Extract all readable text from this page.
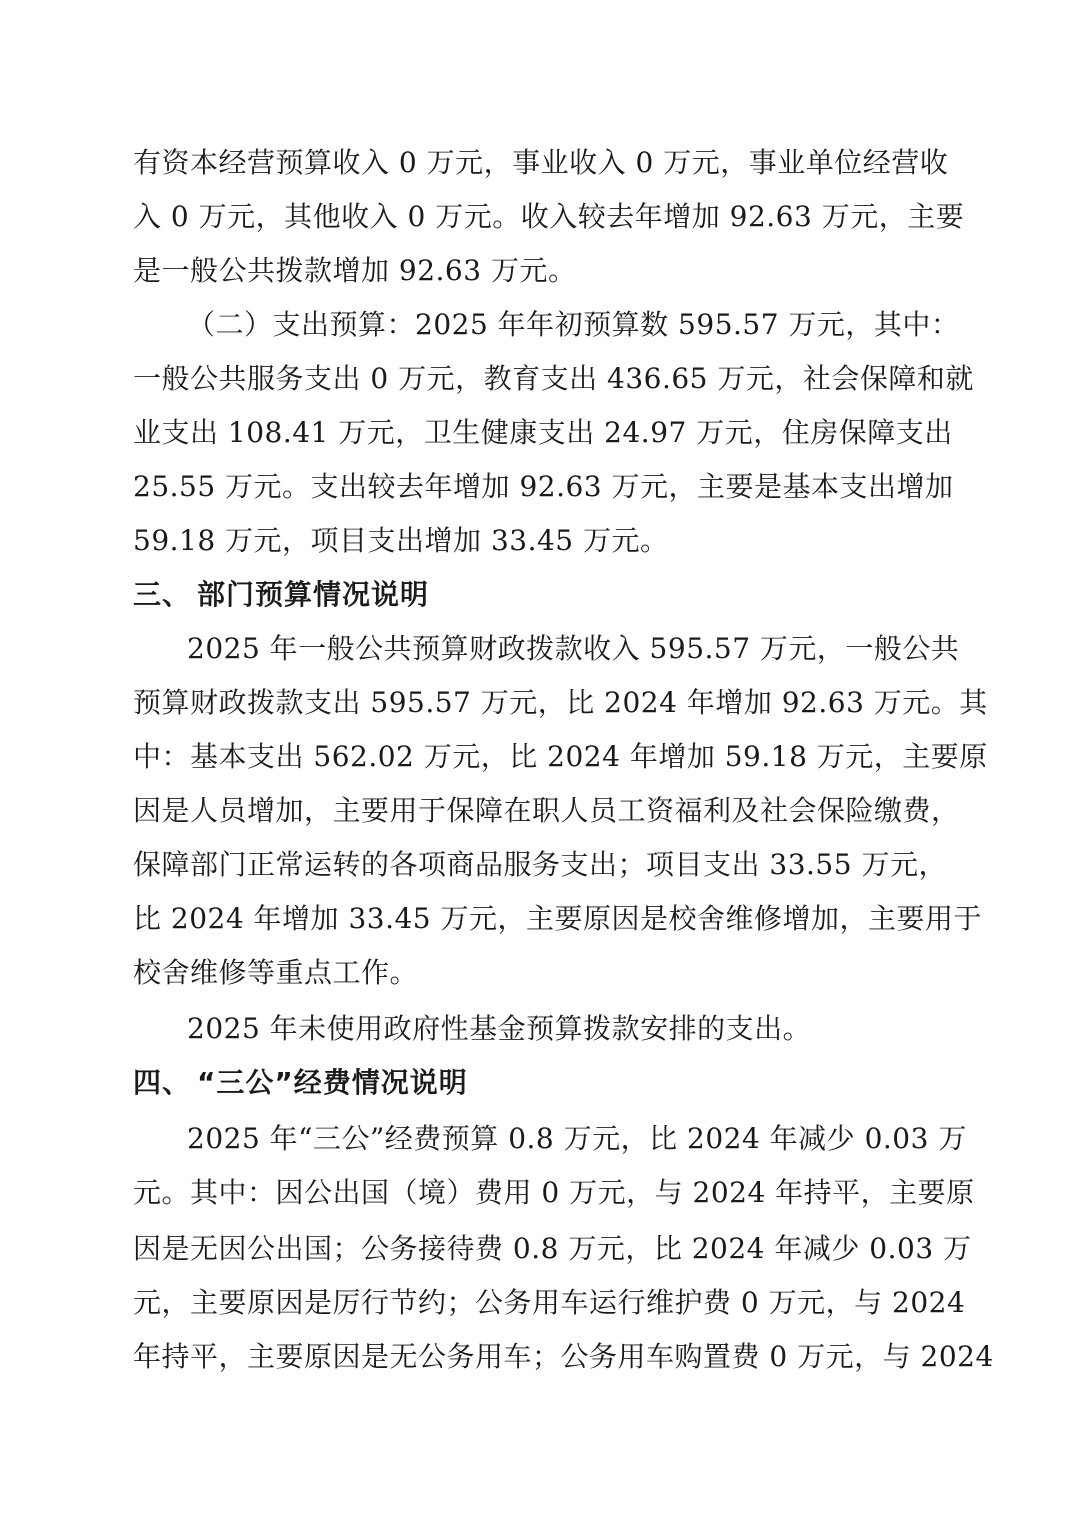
有资本经营预算收入 0 万元，事业收入 0 万元，事业单位经营收
入 0 万元，其他收入 0 万元。收入较去年增加 92.63 万元，主要
是一般公共拨款增加 92.63 万元。
（二）支出预算：2025 年年初预算数 595.57 万元，其中：
一般公共服务支出 0 万元，教育支出 436.65 万元，社会保障和就
业支出 108.41 万元，卫生健康支出 24.97 万元，住房保障支出
25.55 万元。支出较去年增加 92.63 万元，主要是基本支出增加
59.18 万元，项目支出增加 33.45 万元。
三、 部门预算情况说明
2025 年一般公共预算财政拨款收入 595.57 万元，一般公共
预算财政拨款支出 595.57 万元，比 2024 年增加 92.63 万元。其
中：基本支出 562.02 万元，比 2024 年增加 59.18 万元，主要原
因是人员增加，主要用于保障在职人员工资福利及社会保险缴费，
保障部门正常运转的各项商品服务支出；项目支出 33.55 万元，
比 2024 年增加 33.45 万元，主要原因是校舍维修增加，主要用于
校舍维修等重点工作。
2025 年未使用政府性基金预算拨款安排的支出。
四、 “三公”经费情况说明
2025 年“三公”经费预算 0.8 万元，比 2024 年减少 0.03 万
元。其中：因公出国（境）费用 0 万元，与 2024 年持平，主要原
因是无因公出国；公务接待费 0.8 万元，比 2024 年减少 0.03 万
元，主要原因是厉行节约；公务用车运行维护费 0 万元，与 2024
年持平，主要原因是无公务用车；公务用车购置费 0 万元，与 2024
